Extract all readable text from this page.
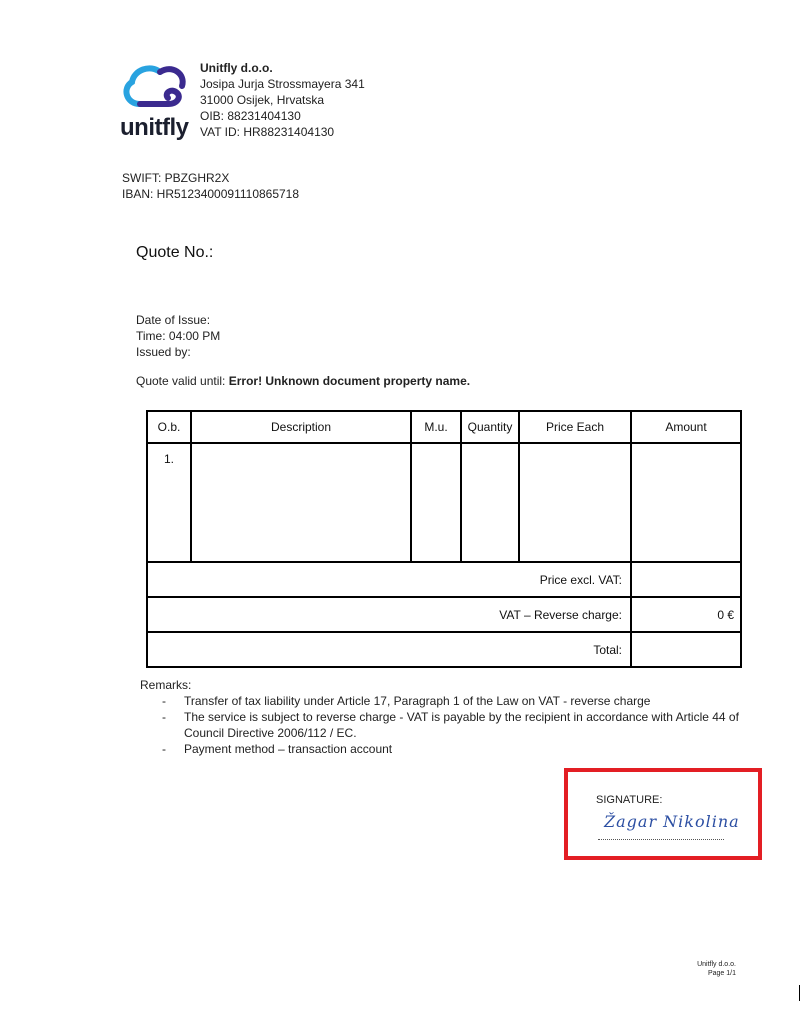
unitfly
Unitfly d.o.o.
Josipa Jurja Strossmayera 341
31000 Osijek, Hrvatska
OIB: 88231404130
VAT ID: HR88231404130
SWIFT: PBZGHR2X
IBAN: HR5123400091110865718
Quote No.:
Date of Issue:
Time: 04:00 PM
Issued by:
Quote valid until: Error! Unknown document property name.
O.b.	Description	M.u.	Quantity	Price Each	Amount
1.					
Price excl. VAT:					
VAT – Reverse charge:					0 €
Total:					
Remarks:
- Transfer of tax liability under Article 17, Paragraph 1 of the Law on VAT - reverse charge
- The service is subject to reverse charge - VAT is payable by the recipient in accordance with Article 44 of Council Directive 2006/112 / EC.
- Payment method – transaction account
SIGNATURE:
Žagar Nikolina
Unitfly d.o.o.
Page 1/1
